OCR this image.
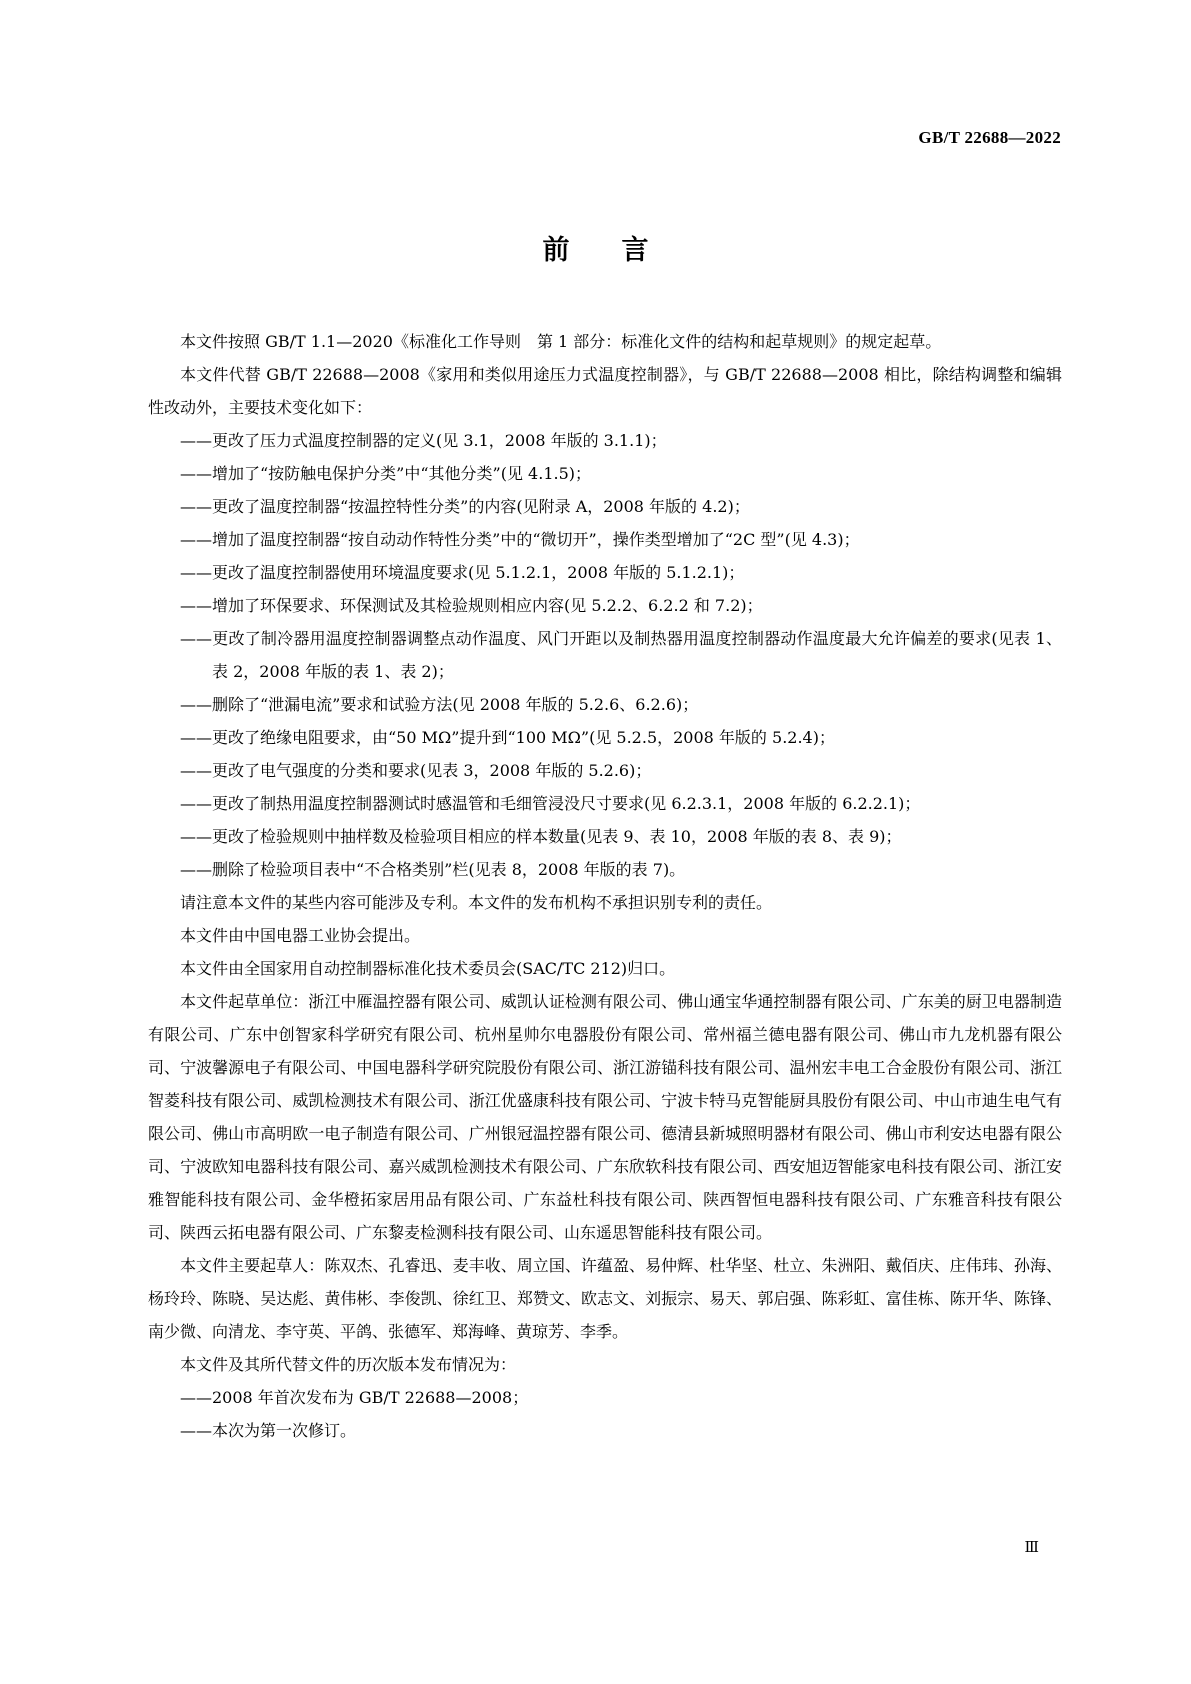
GB/T 22688—2022
前言

本文件按照 GB/T 1.1—2020《标准化工作导则　第 1 部分：标准化文件的结构和起草规则》的规定起草。

本文件代替 GB/T 22688—2008《家用和类似用途压力式温度控制器》，与 GB/T 22688—2008 相比，除结构调整和编辑性改动外，主要技术变化如下：

——更改了压力式温度控制器的定义(见 3.1，2008 年版的 3.1.1)；

——增加了“按防触电保护分类”中“其他分类”(见 4.1.5)；

——更改了温度控制器“按温控特性分类”的内容(见附录 A，2008 年版的 4.2)；

——增加了温度控制器“按自动动作特性分类”中的“微切开”，操作类型增加了“2C 型”(见 4.3)；

——更改了温度控制器使用环境温度要求(见 5.1.2.1，2008 年版的 5.1.2.1)；

——增加了环保要求、环保测试及其检验规则相应内容(见 5.2.2、6.2.2 和 7.2)；

——更改了制冷器用温度控制器调整点动作温度、风门开距以及制热器用温度控制器动作温度最大允许偏差的要求(见表 1、表 2，2008 年版的表 1、表 2)；

——删除了“泄漏电流”要求和试验方法(见 2008 年版的 5.2.6、6.2.6)；

——更改了绝缘电阻要求，由“50 MΩ”提升到“100 MΩ”(见 5.2.5，2008 年版的 5.2.4)；

——更改了电气强度的分类和要求(见表 3，2008 年版的 5.2.6)；

——更改了制热用温度控制器测试时感温管和毛细管浸没尺寸要求(见 6.2.3.1，2008 年版的 6.2.2.1)；

——更改了检验规则中抽样数及检验项目相应的样本数量(见表 9、表 10，2008 年版的表 8、表 9)；

——删除了检验项目表中“不合格类别”栏(见表 8，2008 年版的表 7)。

请注意本文件的某些内容可能涉及专利。本文件的发布机构不承担识别专利的责任。

本文件由中国电器工业协会提出。

本文件由全国家用自动控制器标准化技术委员会(SAC/TC 212)归口。

本文件起草单位：浙江中雁温控器有限公司、威凯认证检测有限公司、佛山通宝华通控制器有限公司、广东美的厨卫电器制造有限公司、广东中创智家科学研究有限公司、杭州星帅尔电器股份有限公司、常州福兰德电器有限公司、佛山市九龙机器有限公司、宁波馨源电子有限公司、中国电器科学研究院股份有限公司、浙江游锚科技有限公司、温州宏丰电工合金股份有限公司、浙江智菱科技有限公司、威凯检测技术有限公司、浙江优盛康科技有限公司、宁波卡特马克智能厨具股份有限公司、中山市迪生电气有限公司、佛山市高明欧一电子制造有限公司、广州银冠温控器有限公司、德清县新城照明器材有限公司、佛山市利安达电器有限公司、宁波欧知电器科技有限公司、嘉兴威凯检测技术有限公司、广东欣软科技有限公司、西安旭迈智能家电科技有限公司、浙江安雅智能科技有限公司、金华橙拓家居用品有限公司、广东益杜科技有限公司、陕西智恒电器科技有限公司、广东雅音科技有限公司、陕西云拓电器有限公司、广东黎麦检测科技有限公司、山东遥思智能科技有限公司。

本文件主要起草人：陈双杰、孔睿迅、麦丰收、周立国、许蕴盈、易仲辉、杜华坚、杜立、朱洲阳、戴佰庆、庄伟玮、孙海、杨玲玲、陈晓、吴达彪、黄伟彬、李俊凯、徐红卫、郑赞文、欧志文、刘振宗、易天、郭启强、陈彩虹、富佳栋、陈开华、陈锋、南少微、向清龙、李守英、平鸽、张德军、郑海峰、黄琼芳、李季。

本文件及其所代替文件的历次版本发布情况为：

——2008 年首次发布为 GB/T 22688—2008；

——本次为第一次修订。

Ⅲ
